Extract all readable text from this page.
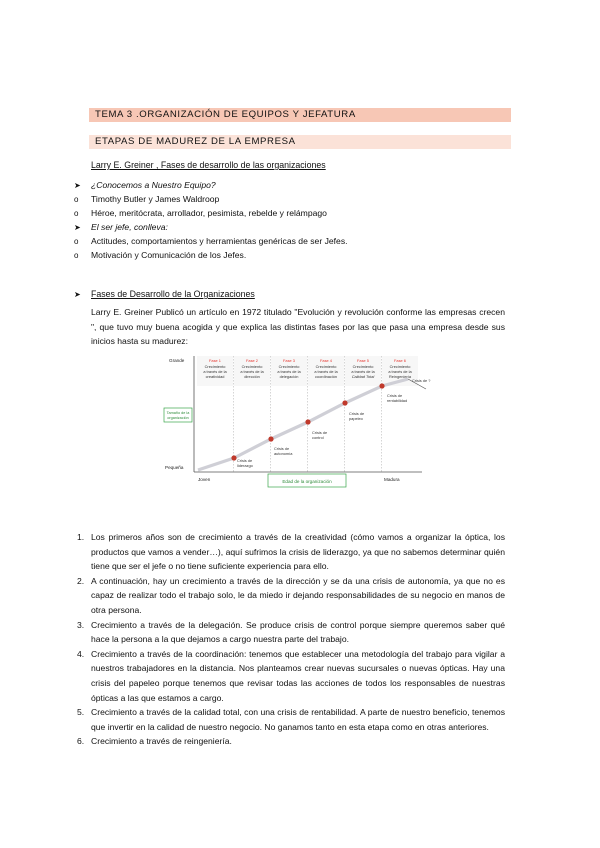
TEMA 3 .ORGANIZACIÓN DE EQUIPOS Y JEFATURA
ETAPAS DE MADUREZ DE LA EMPRESA
Larry E. Greiner , Fases de desarrollo de las organizaciones
➤ ¿Conocemos a Nuestro Equipo?
o Timothy Butler y James Waldroop
o Héroe, meritócrata, arrollador, pesimista, rebelde y relámpago
➤ El ser jefe, conlleva:
o Actitudes, comportamientos y herramientas genéricas de ser Jefes.
o Motivación y Comunicación de los Jefes.
➤ Fases de Desarrollo de la Organizaciones
Larry E. Greiner Publicó un artículo en 1972 titulado "Evolución y revolución conforme las empresas crecen ", que tuvo muy buena acogida y que explica las distintas fases por las que pasa una empresa desde sus inicios hasta su madurez:
Fase 1
Crecimiento
a través de la
creatividad
Fase 2
Crecimiento
a través de la
dirección
Fase 3
Crecimiento
a través de la
delegación
Fase 4
Crecimiento
a través de la
coordinación
Fase 5
Crecimiento
a través de la
Calidad Total
Fase 6
Crecimiento
a través de la
Reingeniería
Crisis de
liderazgo
Crisis de
autonomía
Crisis de
control
Crisis de
papeleo
Crisis de
rentabilidad
Crisis de ?
Grande
Pequeña
Joven	Madura
Tamaño de la
organización
Edad de la organización
1. Los primeros años son de crecimiento a través de la creatividad (cómo vamos a organizar la óptica, los productos que vamos a vender…), aquí sufrimos la crisis de liderazgo, ya que no sabemos determinar quién tiene que ser el jefe o no tiene suficiente experiencia para ello.
2. A continuación, hay un crecimiento a través de la dirección y se da una crisis de autonomía, ya que no es capaz de realizar todo el trabajo solo, le da miedo ir dejando responsabilidades de su negocio en manos de otra persona.
3. Crecimiento a través de la delegación. Se produce crisis de control porque siempre queremos saber qué hace la persona a la que dejamos a cargo nuestra parte del trabajo.
4. Crecimiento a través de la coordinación: tenemos que establecer una metodología del trabajo para vigilar a nuestros trabajadores en la distancia. Nos planteamos crear nuevas sucursales o nuevas ópticas. Hay una crisis del papeleo porque tenemos que revisar todas las acciones de todos los responsables de nuestras ópticas a las que estamos a cargo.
5. Crecimiento a través de la calidad total, con una crisis de rentabilidad. A parte de nuestro beneficio, tenemos que invertir en la calidad de nuestro negocio. No ganamos tanto en esta etapa como en otras anteriores.
6. Crecimiento a través de reingeniería.
